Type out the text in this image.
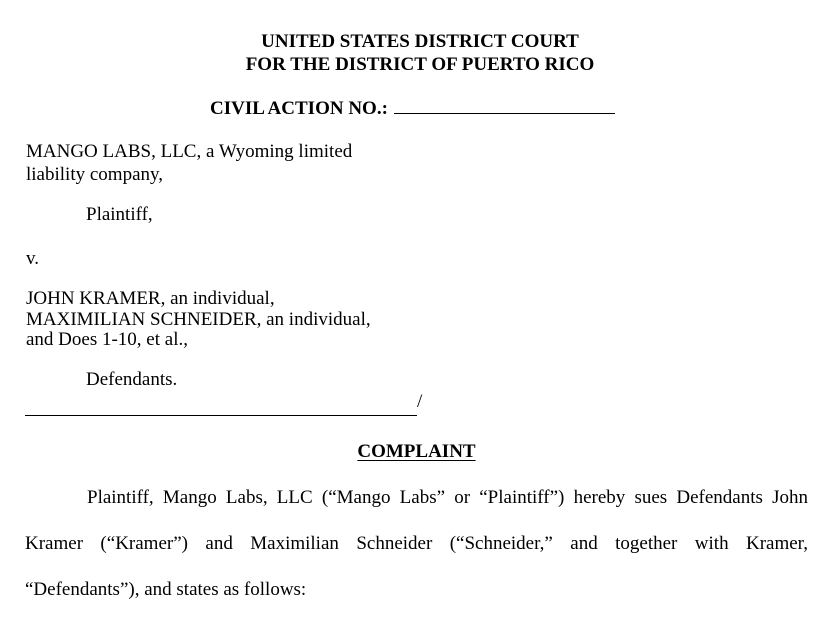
UNITED STATES DISTRICT COURT
FOR THE DISTRICT OF PUERTO RICO
CIVIL ACTION NO.:
MANGO LABS, LLC, a Wyoming limited
liability company,
Plaintiff,
v.
JOHN KRAMER, an individual,
MAXIMILIAN SCHNEIDER, an individual,
and Does 1-10, et al.,
Defendants.
/
COMPLAINT
Plaintiff, Mango Labs, LLC (“Mango Labs” or “Plaintiff”) hereby sues Defendants John
Kramer (“Kramer”) and Maximilian Schneider (“Schneider,” and together with Kramer,
“Defendants”), and states as follows:
